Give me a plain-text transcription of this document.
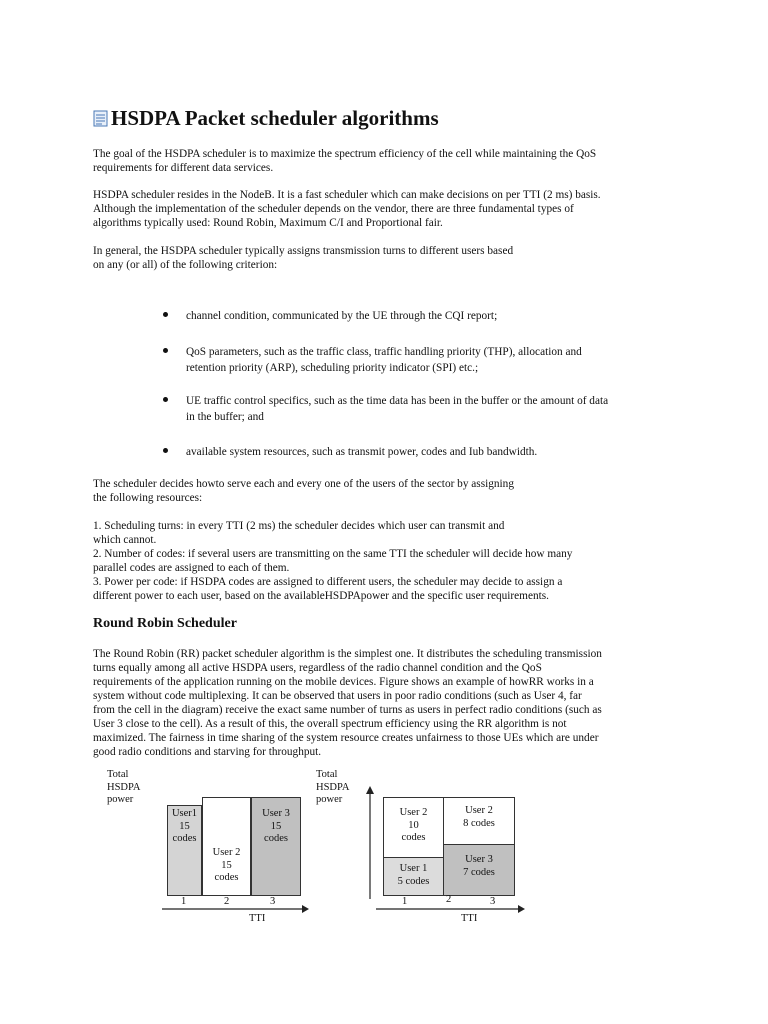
HSDPA Packet scheduler algorithms
The goal of the HSDPA scheduler is to maximize the spectrum efficiency of the cell while maintaining the QoS
requirements for different data services.
HSDPA scheduler resides in the NodeB. It is a fast scheduler which can make decisions on per TTI (2 ms) basis.
Although the implementation of the scheduler depends on the vendor, there are three fundamental types of
algorithms typically used: Round Robin, Maximum C/I and Proportional fair.
In general, the HSDPA scheduler typically assigns transmission turns to different users based
on any (or all) of the following criterion:
channel condition, communicated by the UE through the CQI report;
QoS parameters, such as the traffic class, traffic handling priority (THP), allocation and
retention priority (ARP), scheduling priority indicator (SPI) etc.;
UE traffic control specifics, such as the time data has been in the buffer or the amount of data
in the buffer; and
available system resources, such as transmit power, codes and Iub bandwidth.
The scheduler decides howto serve each and every one of the users of the sector by assigning
the following resources:
1. Scheduling turns: in every TTI (2 ms) the scheduler decides which user can transmit and
which cannot.
2. Number of codes: if several users are transmitting on the same TTI the scheduler will decide how many
parallel codes are assigned to each of them.
3. Power per code: if HSDPA codes are assigned to different users, the scheduler may decide to assign a
different power to each user, based on the availableHSDPApower and the specific user requirements.
Round Robin Scheduler
The Round Robin (RR) packet scheduler algorithm is the simplest one. It distributes the scheduling transmission
turns equally among all active HSDPA users, regardless of the radio channel condition and the QoS
requirements of the application running on the mobile devices. Figure shows an example of howRR works in a
system without code multiplexing. It can be observed that users in poor radio conditions (such as User 4, far
from the cell in the diagram) receive the exact same number of turns as users in perfect radio conditions (such as
User 3 close to the cell). As a result of this, the overall spectrum efficiency using the RR algorithm is not
maximized. The fairness in time sharing of the system resource creates unfairness to those UEs which are under
good radio conditions and starving for throughput.
Total
HSDPA
power
User1
15
codes
User 2
15
codes
User 3
15
codes
1	2	3
TTI
Total
HSDPA
power
User 2
10
codes
User 2
8 codes
User 1
5 codes
User 3
7 codes
1	2	3
TTI
